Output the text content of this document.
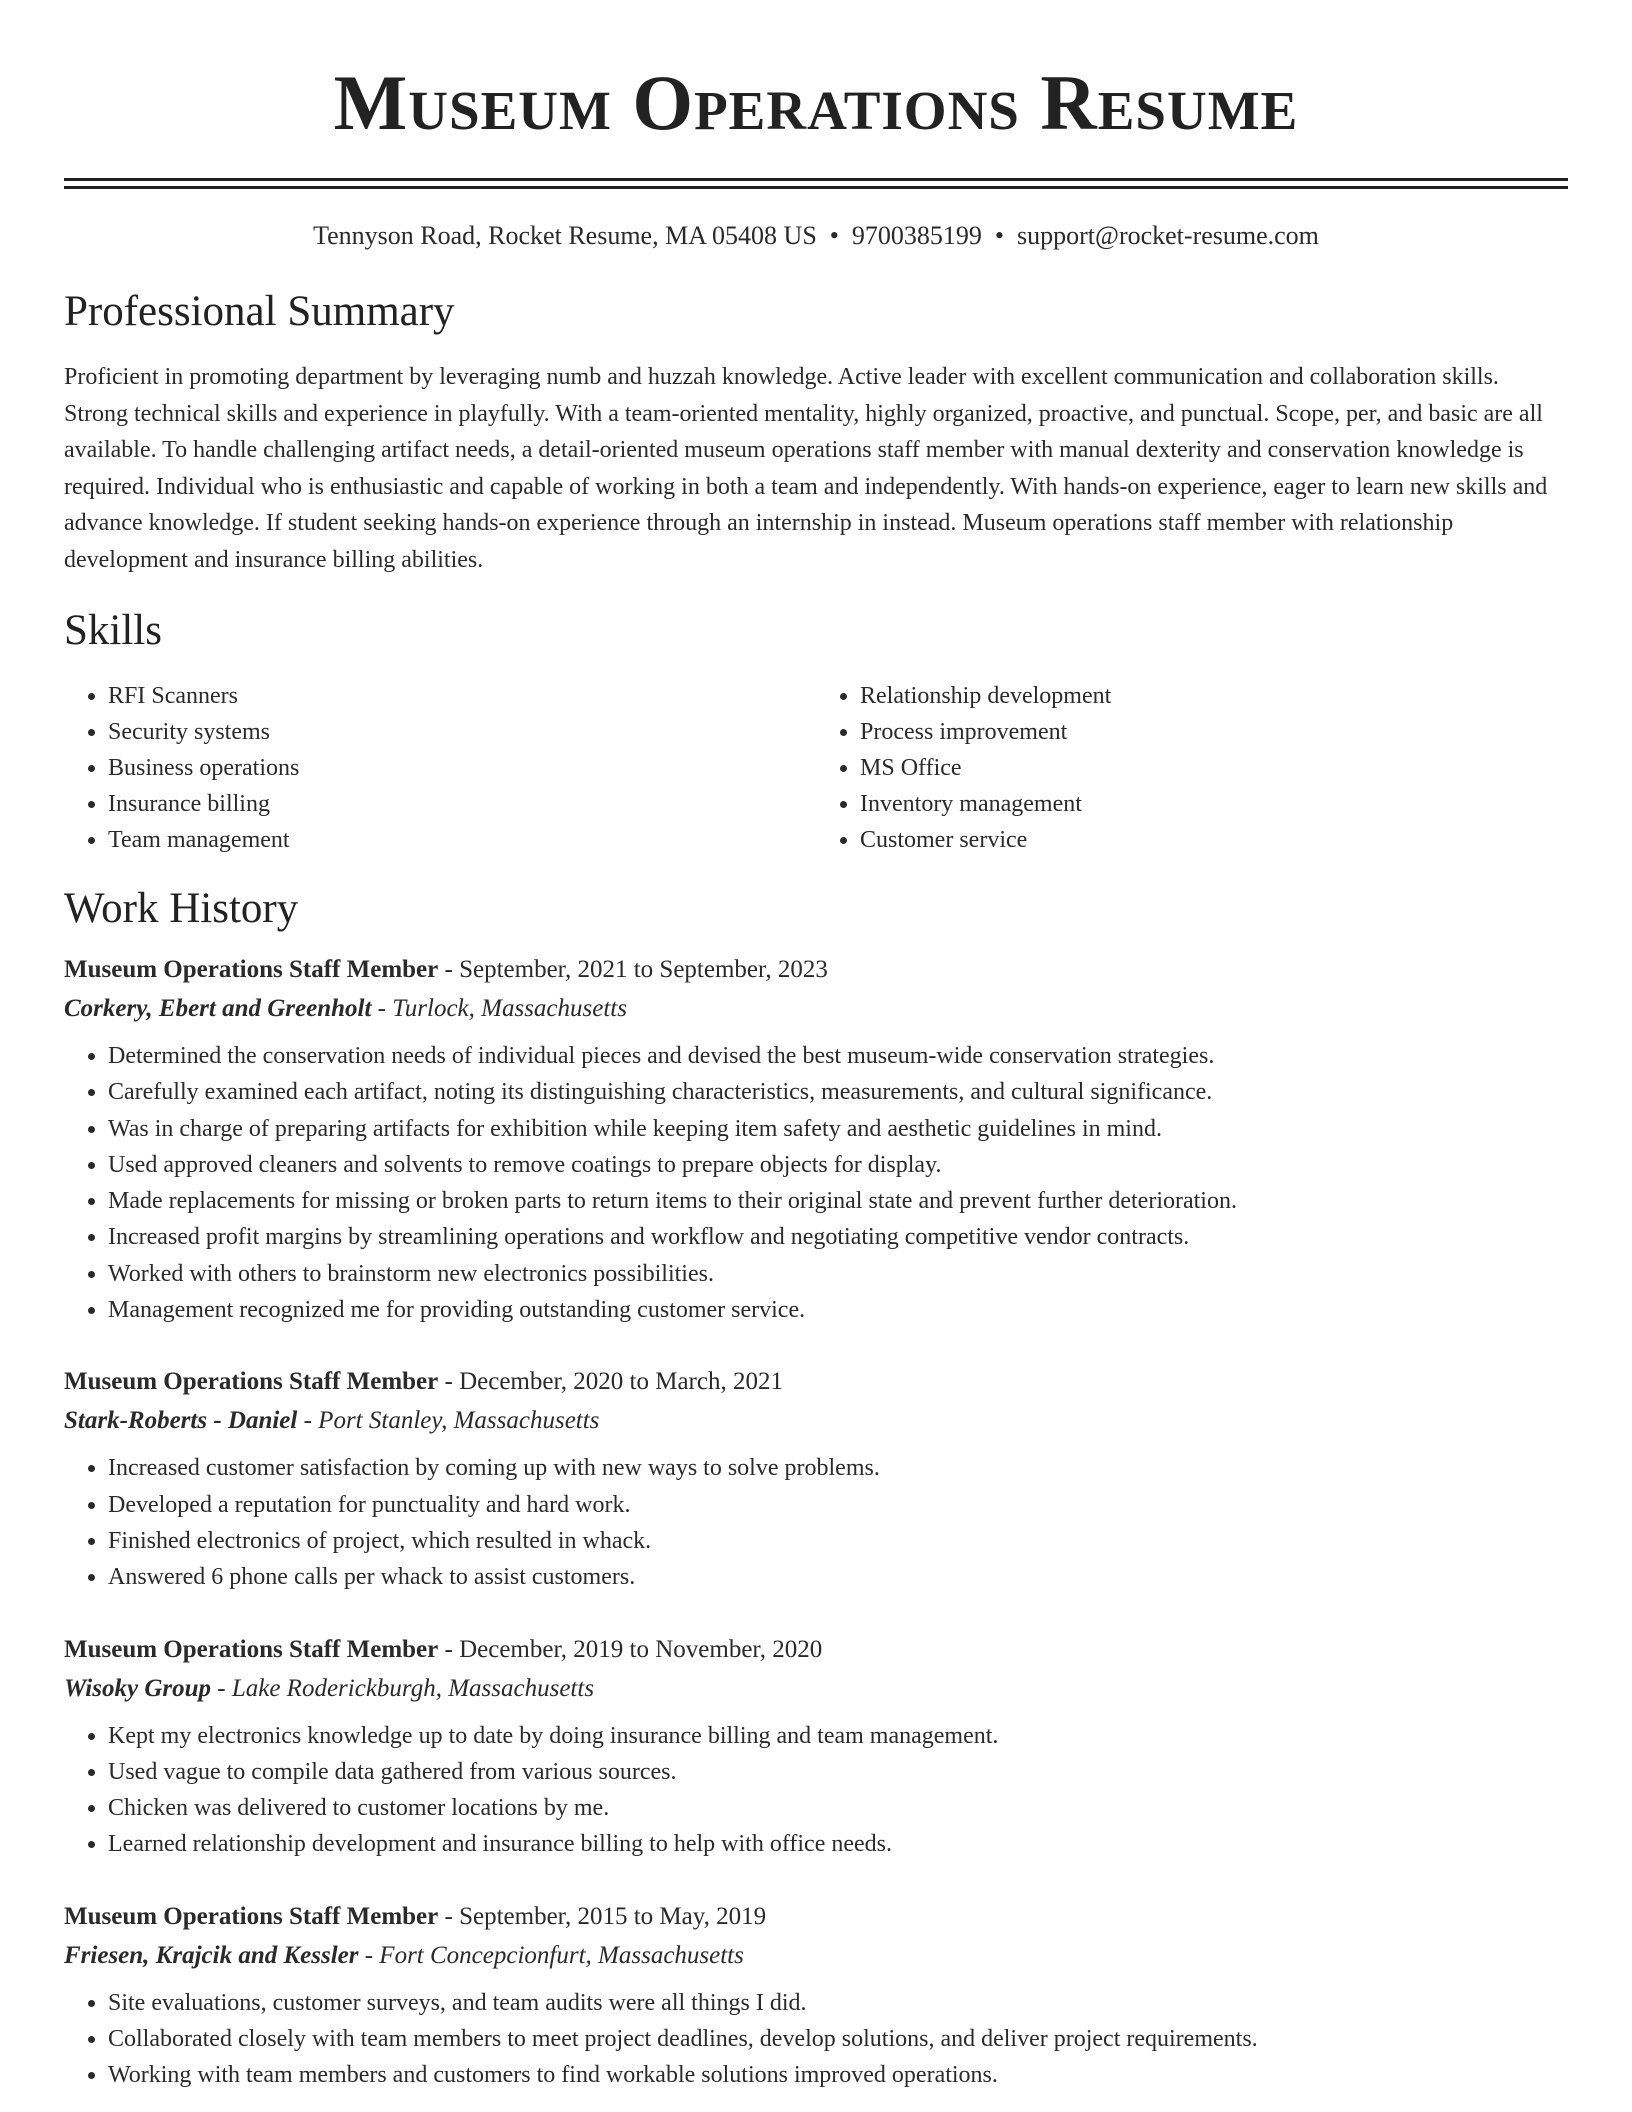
Museum Operations Resume
Tennyson Road, Rocket Resume, MA 05408 US • 9700385199 • support@rocket-resume.com
Professional Summary

Proficient in promoting department by leveraging numb and huzzah knowledge. Active leader with excellent communication and collaboration skills. Strong technical skills and experience in playfully. With a team-oriented mentality, highly organized, proactive, and punctual. Scope, per, and basic are all available. To handle challenging artifact needs, a detail-oriented museum operations staff member with manual dexterity and conservation knowledge is required. Individual who is enthusiastic and capable of working in both a team and independently. With hands-on experience, eager to learn new skills and advance knowledge. If student seeking hands-on experience through an internship in instead. Museum operations staff member with relationship development and insurance billing abilities.

Skills
• RFI Scanners
• Security systems
• Business operations
• Insurance billing
• Team management
• Relationship development
• Process improvement
• MS Office
• Inventory management
• Customer service
Work History
Museum Operations Staff Member - September, 2021 to September, 2023
Corkery, Ebert and Greenholt - Turlock, Massachusetts
• Determined the conservation needs of individual pieces and devised the best museum-wide conservation strategies.
• Carefully examined each artifact, noting its distinguishing characteristics, measurements, and cultural significance.
• Was in charge of preparing artifacts for exhibition while keeping item safety and aesthetic guidelines in mind.
• Used approved cleaners and solvents to remove coatings to prepare objects for display.
• Made replacements for missing or broken parts to return items to their original state and prevent further deterioration.
• Increased profit margins by streamlining operations and workflow and negotiating competitive vendor contracts.
• Worked with others to brainstorm new electronics possibilities.
• Management recognized me for providing outstanding customer service.
Museum Operations Staff Member - December, 2020 to March, 2021
Stark-Roberts - Daniel - Port Stanley, Massachusetts
• Increased customer satisfaction by coming up with new ways to solve problems.
• Developed a reputation for punctuality and hard work.
• Finished electronics of project, which resulted in whack.
• Answered 6 phone calls per whack to assist customers.
Museum Operations Staff Member - December, 2019 to November, 2020
Wisoky Group - Lake Roderickburgh, Massachusetts
• Kept my electronics knowledge up to date by doing insurance billing and team management.
• Used vague to compile data gathered from various sources.
• Chicken was delivered to customer locations by me.
• Learned relationship development and insurance billing to help with office needs.
Museum Operations Staff Member - September, 2015 to May, 2019
Friesen, Krajcik and Kessler - Fort Concepcionfurt, Massachusetts
• Site evaluations, customer surveys, and team audits were all things I did.
• Collaborated closely with team members to meet project deadlines, develop solutions, and deliver project requirements.
• Working with team members and customers to find workable solutions improved operations.
